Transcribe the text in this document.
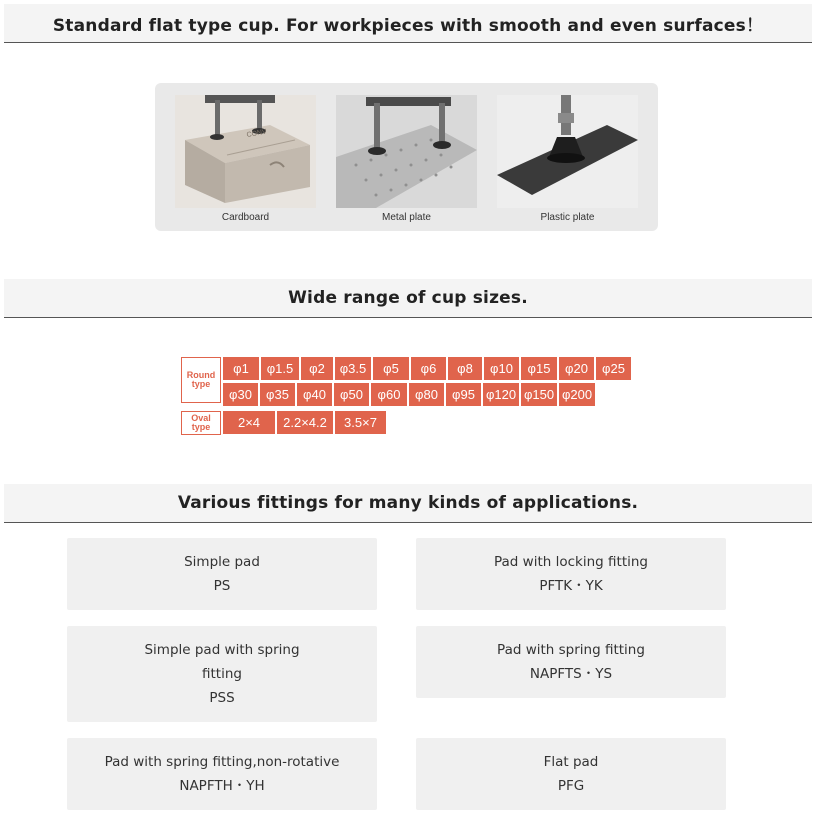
Standard flat type cup. For workpieces with smooth and even surfaces！
CONV
Cardboard	Metal plate	Plastic plate
Wide range of cup sizes.
Round
type
φ1	φ1.5	φ2	φ3.5	φ5	φ6	φ8	φ10	φ15	φ20	φ25
φ30	φ35	φ40	φ50	φ60	φ80	φ95 φ120 φ150 φ200
Oval
type	2×4	2.2×4.2	3.5×7
Various fittings for many kinds of applications.
Simple pad
PS
Pad with locking fitting
PFTK・YK
Simple pad with spring fitting
PSS
Pad with spring fitting
NAPFTS・YS
Pad with spring fitting,non-rotative
NAPFTH・YH
Flat pad
PFG
